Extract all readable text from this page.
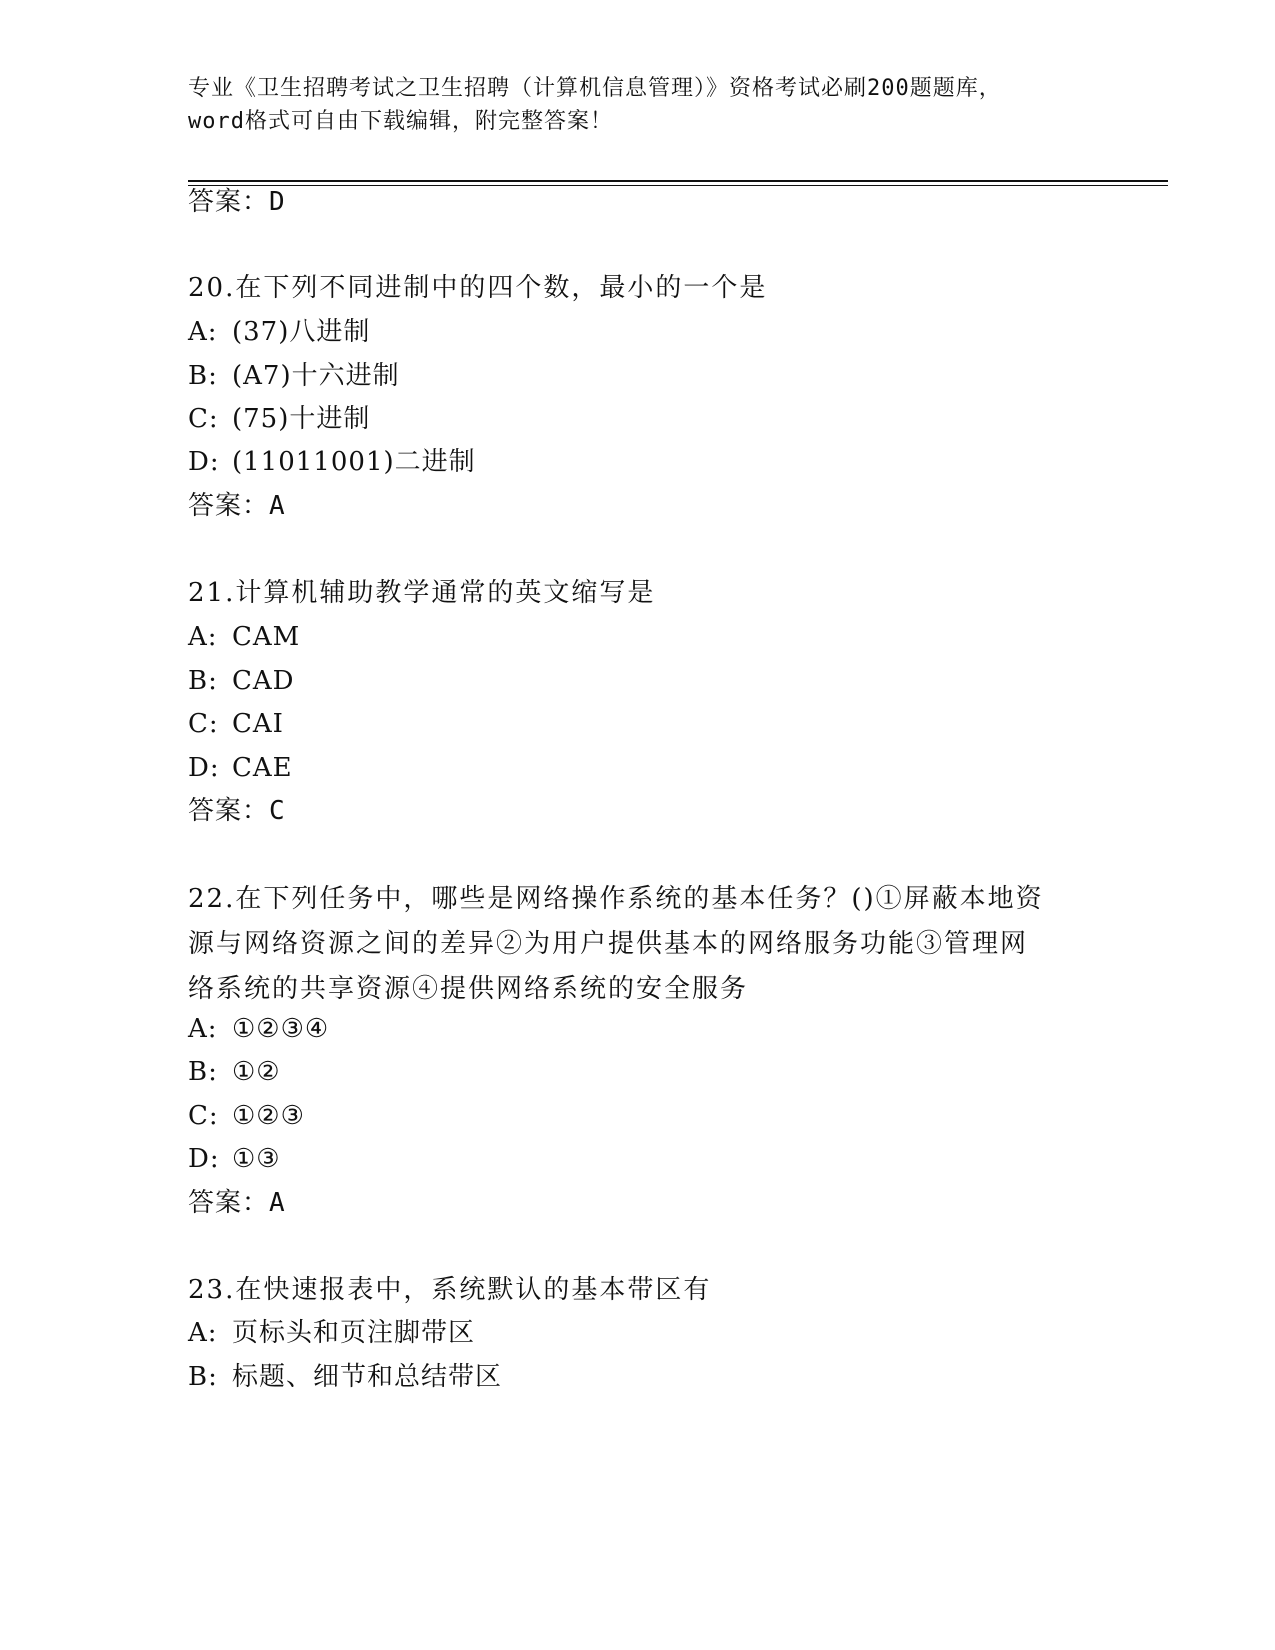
专业《卫生招聘考试之卫生招聘（计算机信息管理）》资格考试必刷200题题库，
word格式可自由下载编辑，附完整答案！
答案：D
20.在下列不同进制中的四个数，最小的一个是
A: (37)八进制
B: (A7)十六进制
C: (75)十进制
D: (11011001)二进制
答案：A
21.计算机辅助教学通常的英文缩写是
A: CAM
B: CAD
C: CAI
D: CAE
答案：C
22.在下列任务中，哪些是网络操作系统的基本任务？()①屏蔽本地资
源与网络资源之间的差异②为用户提供基本的网络服务功能③管理网
络系统的共享资源④提供网络系统的安全服务
A: ①②③④
B: ①②
C: ①②③
D: ①③
答案：A
23.在快速报表中，系统默认的基本带区有
A: 页标头和页注脚带区
B: 标题、细节和总结带区
